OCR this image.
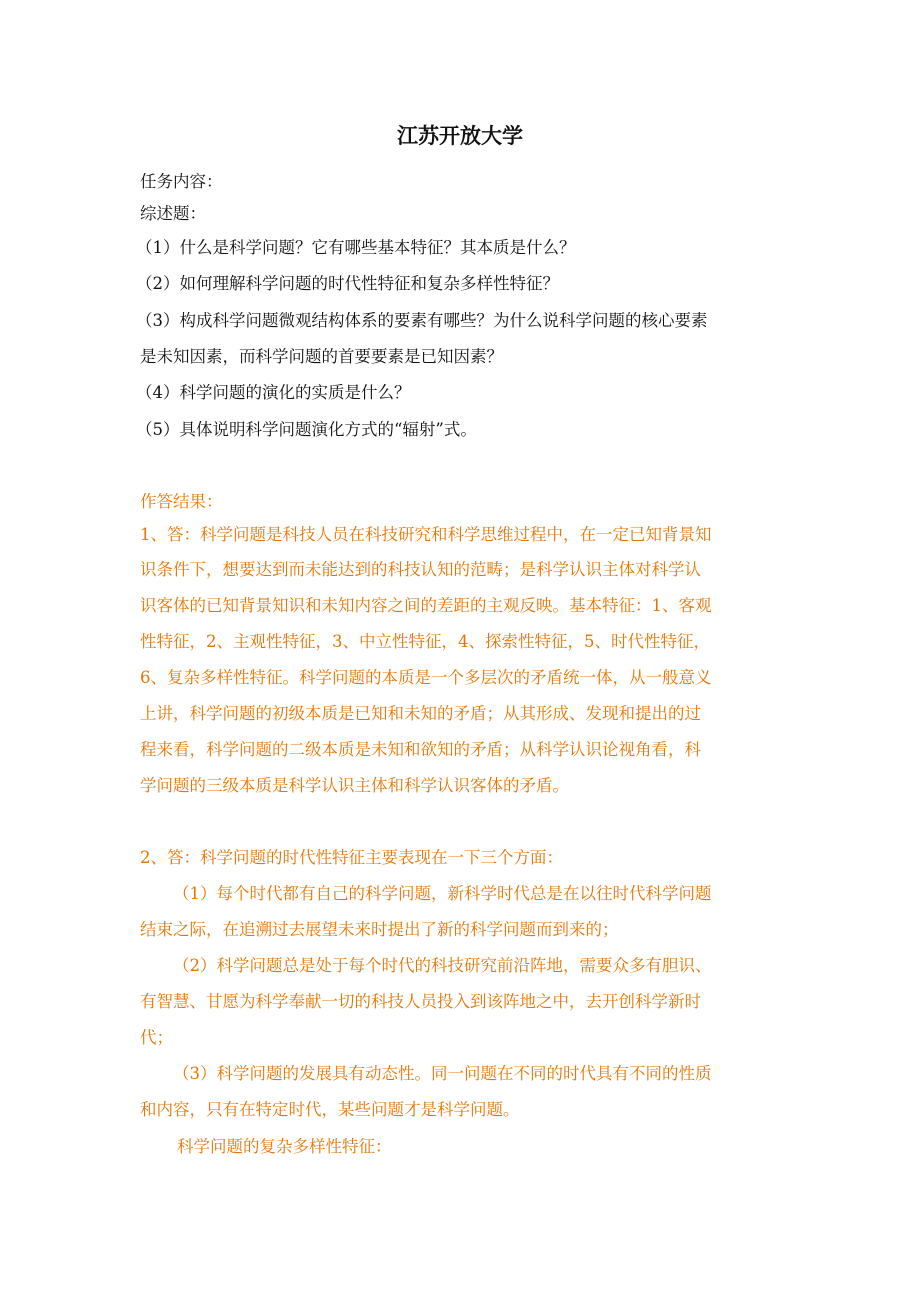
江苏开放大学
任务内容：
综述题：
（1）什么是科学问题？它有哪些基本特征？其本质是什么？
（2）如何理解科学问题的时代性特征和复杂多样性特征？
（3）构成科学问题微观结构体系的要素有哪些？为什么说科学问题的核心要素
是未知因素，而科学问题的首要要素是已知因素？
（4）科学问题的演化的实质是什么？
（5）具体说明科学问题演化方式的“辐射”式。
作答结果：
1、答：科学问题是科技人员在科技研究和科学思维过程中，在一定已知背景知
识条件下，想要达到而未能达到的科技认知的范畴；是科学认识主体对科学认
识客体的已知背景知识和未知内容之间的差距的主观反映。基本特征：1、客观
性特征，2、主观性特征，3、中立性特征，4、探索性特征，5、时代性特征，
6、复杂多样性特征。科学问题的本质是一个多层次的矛盾统一体，从一般意义
上讲，科学问题的初级本质是已知和未知的矛盾；从其形成、发现和提出的过
程来看，科学问题的二级本质是未知和欲知的矛盾；从科学认识论视角看，科
学问题的三级本质是科学认识主体和科学认识客体的矛盾。
2、答：科学问题的时代性特征主要表现在一下三个方面：
（1）每个时代都有自己的科学问题，新科学时代总是在以往时代科学问题
结束之际，在追溯过去展望未来时提出了新的科学问题而到来的；
（2）科学问题总是处于每个时代的科技研究前沿阵地，需要众多有胆识、
有智慧、甘愿为科学奉献一切的科技人员投入到该阵地之中，去开创科学新时
代；
（3）科学问题的发展具有动态性。同一问题在不同的时代具有不同的性质
和内容，只有在特定时代，某些问题才是科学问题。
科学问题的复杂多样性特征：
